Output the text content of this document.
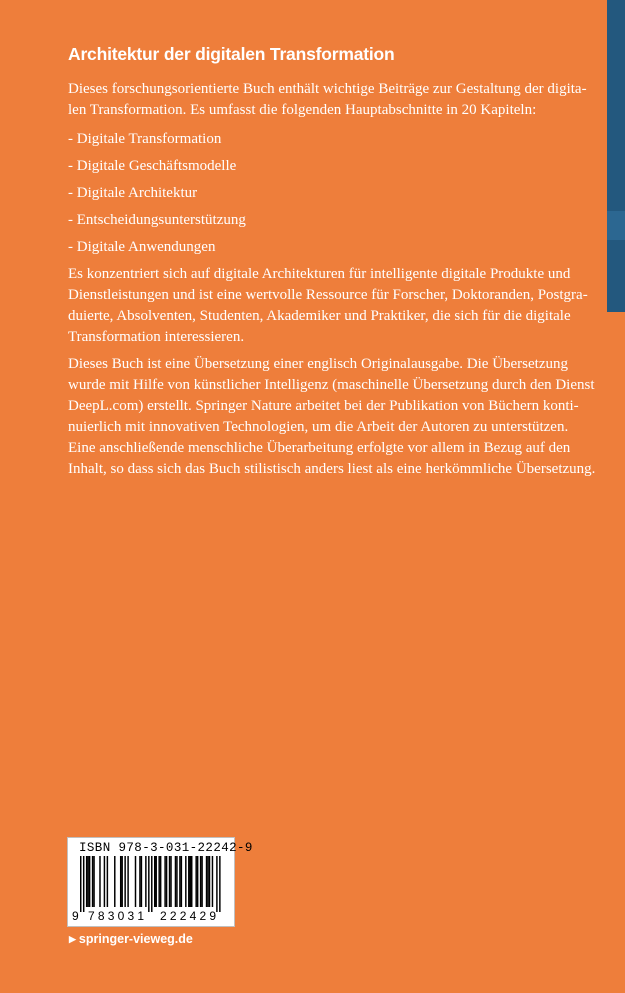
Architektur der digitalen Transformation
Dieses forschungsorientierte Buch enthält wichtige Beiträge zur Gestaltung der digita-
len Transformation. Es umfasst die folgenden Hauptabschnitte in 20 Kapiteln:
- Digitale Transformation
- Digitale Geschäftsmodelle
- Digitale Architektur
- Entscheidungsunterstützung
- Digitale Anwendungen
Es konzentriert sich auf digitale Architekturen für intelligente digitale Produkte und
Dienstleistungen und ist eine wertvolle Ressource für Forscher, Doktoranden, Postgra-
duierte, Absolventen, Studenten, Akademiker und Praktiker, die sich für die digitale
Transformation interessieren.
Dieses Buch ist eine Übersetzung einer englisch Originalausgabe. Die Übersetzung
wurde mit Hilfe von künstlicher Intelligenz (maschinelle Übersetzung durch den Dienst
DeepL.com) erstellt. Springer Nature arbeitet bei der Publikation von Büchern konti-
nuierlich mit innovativen Technologien, um die Arbeit der Autoren zu unterstützen.
Eine anschließende menschliche Überarbeitung erfolgte vor allem in Bezug auf den
Inhalt, so dass sich das Buch stilistisch anders liest als eine herkömmliche Übersetzung.
ISBN 978-3-031-22242-9
9 783031 222429
▶ springer-vieweg.de
